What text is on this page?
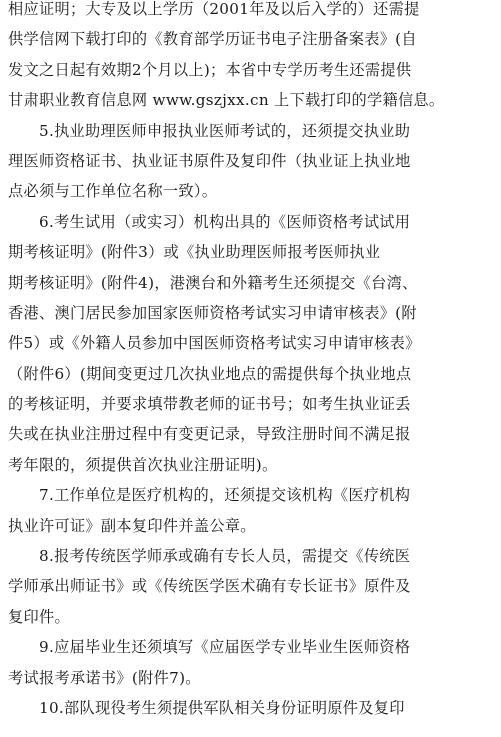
相应证明；大专及以上学历（2001年及以后入学的）还需提
供学信网下载打印的《教育部学历证书电子注册备案表》(自
发文之日起有效期2个月以上)；本省中专学历考生还需提供
甘肃职业教育信息网 www.gszjxx.cn 上下载打印的学籍信息。
　　5.执业助理医师申报执业医师考试的，还须提交执业助
理医师资格证书、执业证书原件及复印件（执业证上执业地
点必须与工作单位名称一致）。
　　6.考生试用（或实习）机构出具的《医师资格考试试用
期考核证明》(附件3）或《执业助理医师报考医师执业
期考核证明》(附件4)，港澳台和外籍考生还须提交《台湾、
香港、澳门居民参加国家医师资格考试实习申请审核表》(附
件5）或《外籍人员参加中国医师资格考试实习申请审核表》
（附件6）(期间变更过几次执业地点的需提供每个执业地点
的考核证明，并要求填带教老师的证书号；如考生执业证丢
失或在执业注册过程中有变更记录，导致注册时间不满足报
考年限的，须提供首次执业注册证明)。
　　7.工作单位是医疗机构的，还须提交该机构《医疗机构
执业许可证》副本复印件并盖公章。
　　8.报考传统医学师承或确有专长人员，需提交《传统医
学师承出师证书》或《传统医学医术确有专长证书》原件及
复印件。
　　9.应届毕业生还须填写《应届医学专业毕业生医师资格
考试报考承诺书》(附件7)。
　　10.部队现役考生须提供军队相关身份证明原件及复印
